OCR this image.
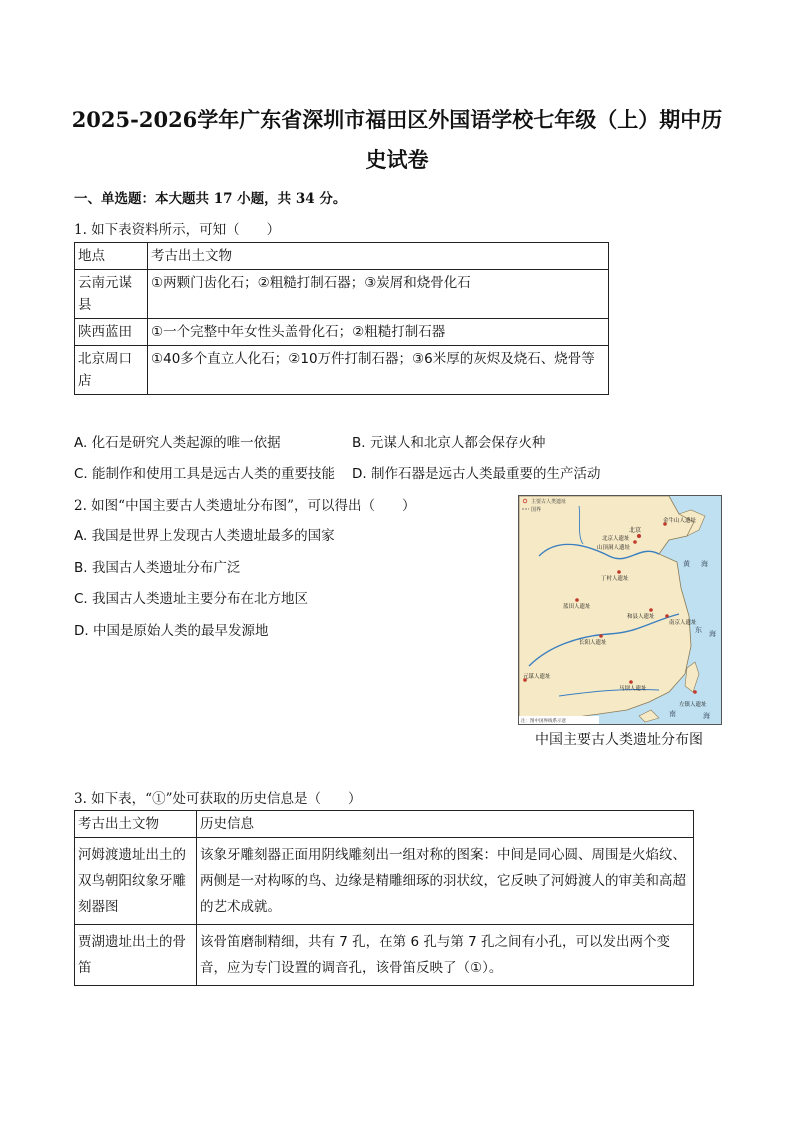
2025-2026学年广东省深圳市福田区外国语学校七年级（上）期中历
史试卷
一、单选题：本大题共 17 小题，共 34 分。
1. 如下表资料所示，可知（　　）
地点	考古出土文物
云南元谋县	①两颗门齿化石；②粗糙打制石器；③炭屑和烧骨化石
陕西蓝田	①一个完整中年女性头盖骨化石；②粗糙打制石器
北京周口店	①40多个直立人化石；②10万件打制石器；③6米厚的灰烬及烧石、烧骨等
A. 化石是研究人类起源的唯一依据	B. 元谋人和北京人都会保存火种
C. 能制作和使用工具是远古人类的重要技能 D. 制作石器是远古人类最重要的生产活动
2. 如图“中国主要古人类遗址分布图”，可以得出（　　）
A. 我国是世界上发现古人类遗址最多的国家
B. 我国古人类遗址分布广泛
C. 我国古人类遗址主要分布在北方地区
D. 中国是原始人类的最早发源地
主要古人类遗址
国界
北京
金牛山人遗址
北京人遗址
山顶洞人遗址
丁村人遗址
蓝田人遗址
和县人遗址
南京人遗址
长阳人遗址
元谋人遗址
马坝人遗址
左镇人遗址
黄 海
东 海
南	海
注：图中国界线系示意
中国主要古人类遗址分布图
3. 如下表，“①”处可获取的历史信息是（　　）
考古出土文物	历史信息
河姆渡遗址出土的双鸟朝阳纹象牙雕刻器图	该象牙雕刻器正面用阴线雕刻出一组对称的图案：中间是同心圆、周围是火焰纹、两侧是一对构啄的鸟、边缘是精雕细琢的羽状纹，它反映了河姆渡人的审美和高超的艺术成就。
贾湖遗址出土的骨笛	该骨笛磨制精细，共有 7 孔，在第 6 孔与第 7 孔之间有小孔，可以发出两个变音，应为专门设置的调音孔，该骨笛反映了（①）。
